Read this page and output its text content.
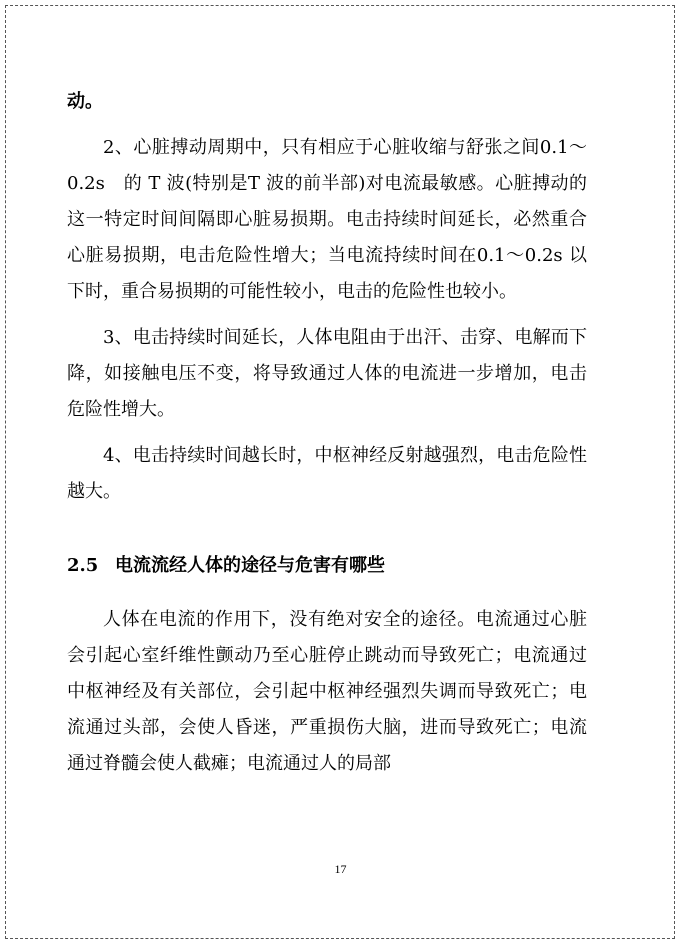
动。

2、心脏搏动周期中，只有相应于心脏收缩与舒张之间0.1～0.2s　的 T 波(特别是T 波的前半部)对电流最敏感。心脏搏动的这一特定时间间隔即心脏易损期。电击持续时间延长，必然重合心脏易损期，电击危险性增大；当电流持续时间在0.1～0.2s 以下时，重合易损期的可能性较小，电击的危险性也较小。

3、电击持续时间延长，人体电阻由于出汗、击穿、电解而下降，如接触电压不变，将导致通过人体的电流进一步增加，电击危险性增大。

4、电击持续时间越长时，中枢神经反射越强烈，电击危险性越大。

2.5 电流流经人体的途径与危害有哪些

人体在电流的作用下，没有绝对安全的途径。电流通过心脏会引起心室纤维性颤动乃至心脏停止跳动而导致死亡；电流通过中枢神经及有关部位，会引起中枢神经强烈失调而导致死亡；电流通过头部，会使人昏迷，严重损伤大脑，进而导致死亡；电流通过脊髓会使人截瘫；电流通过人的局部

17
